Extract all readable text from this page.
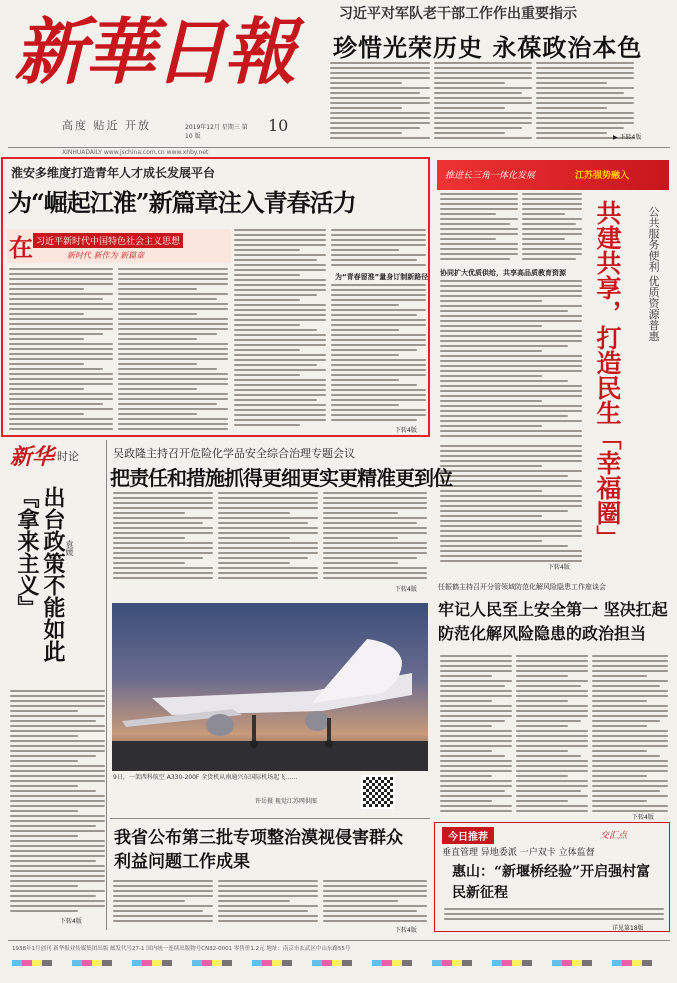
新華日報
高度 贴近 开放	2019年12月 星期三 第10 版
10
习近平对军队老干部工作作出重要指示
珍惜光荣历史 永葆政治本色
▶ 下转4版
XINHUADAILY www.jschina.com.cn www.xhby.net
淮安多维度打造青年人才成长发展平台
为“崛起江淮”新篇章注入青春活力
在 习近平新时代中国特色社会主义思想
新时代 新作为 新篇章
为“青春留淮”量身订制新路径
下转4版
推进长三角一体化发展	江苏强势融入
共建共享，打造民生「幸福圈」 公共服务便利 优质资源普惠
协同扩大优质供给，共享高品质教育资源
下转4版
新华 时论
出台政策不能如此『拿来主义』	袁媛
下转4版
吴政隆主持召开危险化学品安全综合治理专题会议
把责任和措施抓得更细更实更精准更到位
下转4版
9日，一架西科航空 A330-200F 全货机从南通兴东国际机场起飞……
许岳摄 视觉江苏网供图
任振鹤主持召开分管领域防范化解风险隐患工作座谈会
牢记人民至上安全第一 坚决扛起防范化解风险隐患的政治担当
下转4版
我省公布第三批专项整治漠视侵害群众利益问题工作成果
下转4版
今日推荐	交汇点
垂直管理 异地委派 一户双卡 立体监督
惠山：“新堰桥经验”开启强村富民新征程
详见第18版
1938年1月创刊 新华报业传媒集团出版 邮发代号27-1 国内统一连续出版物号CN32-0001 零售价1.2元 地址：南京市玄武区中山东路55号
